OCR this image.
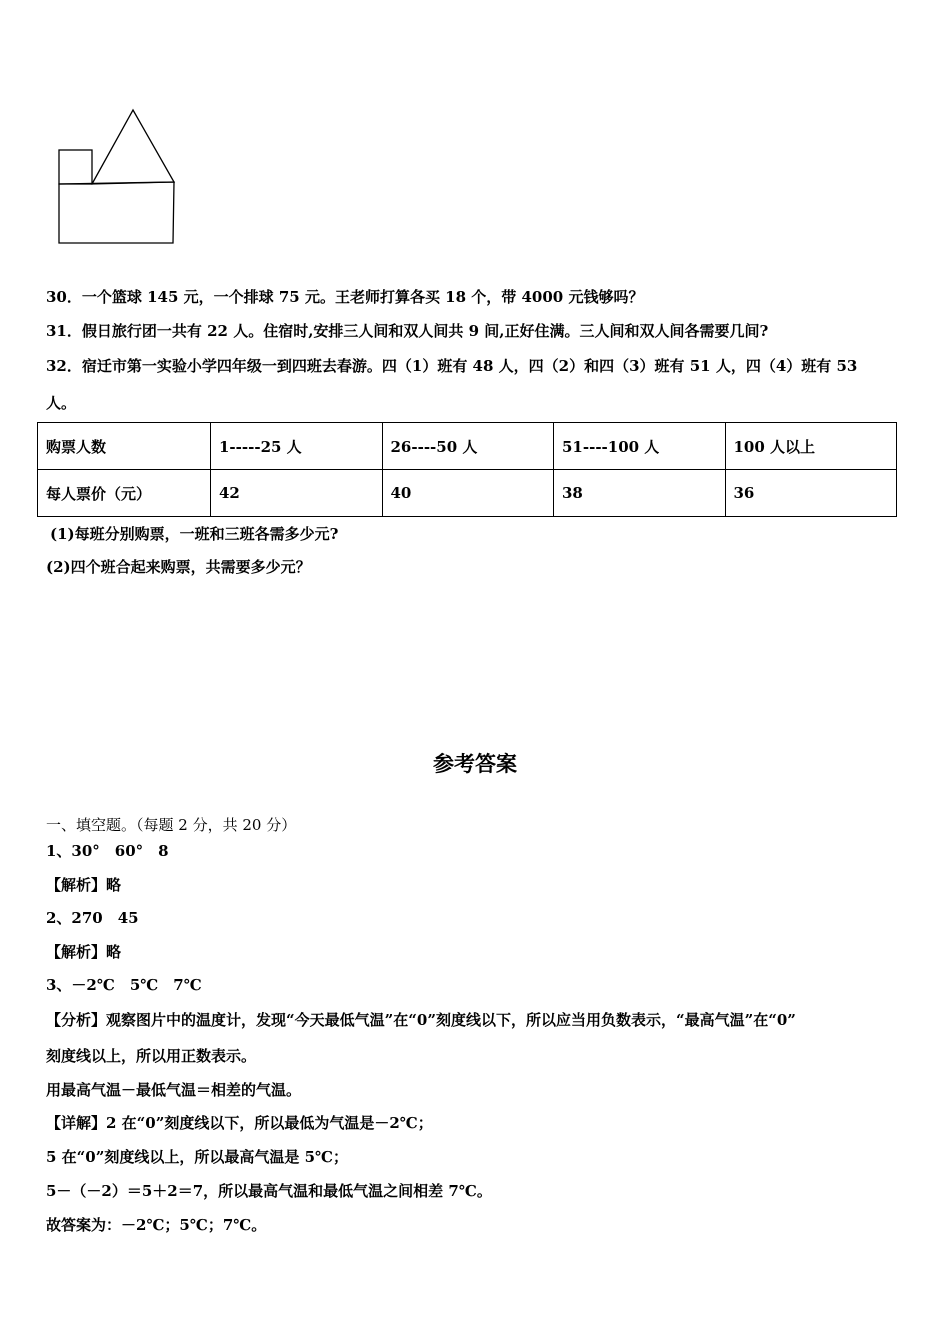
30．一个篮球 145 元，一个排球 75 元。王老师打算各买 18 个，带 4000 元钱够吗？
31．假日旅行团一共有 22 人。住宿时,安排三人间和双人间共 9 间,正好住满。三人间和双人间各需要几间?
32．宿迁市第一实验小学四年级一到四班去春游。四（1）班有 48 人，四（2）和四（3）班有 51 人，四（4）班有 53
人。
购票人数	1-----25 人	26----50 人	51----100 人	100 人以上
每人票价（元）	42	40	38	36
(1)每班分别购票，一班和三班各需多少元?
(2)四个班合起来购票，共需要多少元？
参考答案
一、填空题。（每题 2 分，共 20 分）
1、30°　60°　8
【解析】略
2、270　45
【解析】略
3、－2℃　5℃　7℃
【分析】观察图片中的温度计，发现“今天最低气温”在“0”刻度线以下，所以应当用负数表示，“最高气温”在“0”
刻度线以上，所以用正数表示。
用最高气温－最低气温＝相差的气温。
【详解】2 在“0”刻度线以下，所以最低为气温是－2℃；
5 在“0”刻度线以上，所以最高气温是 5℃；
5－（－2）＝5＋2＝7，所以最高气温和最低气温之间相差 7℃。
故答案为：－2℃；5℃；7℃。
